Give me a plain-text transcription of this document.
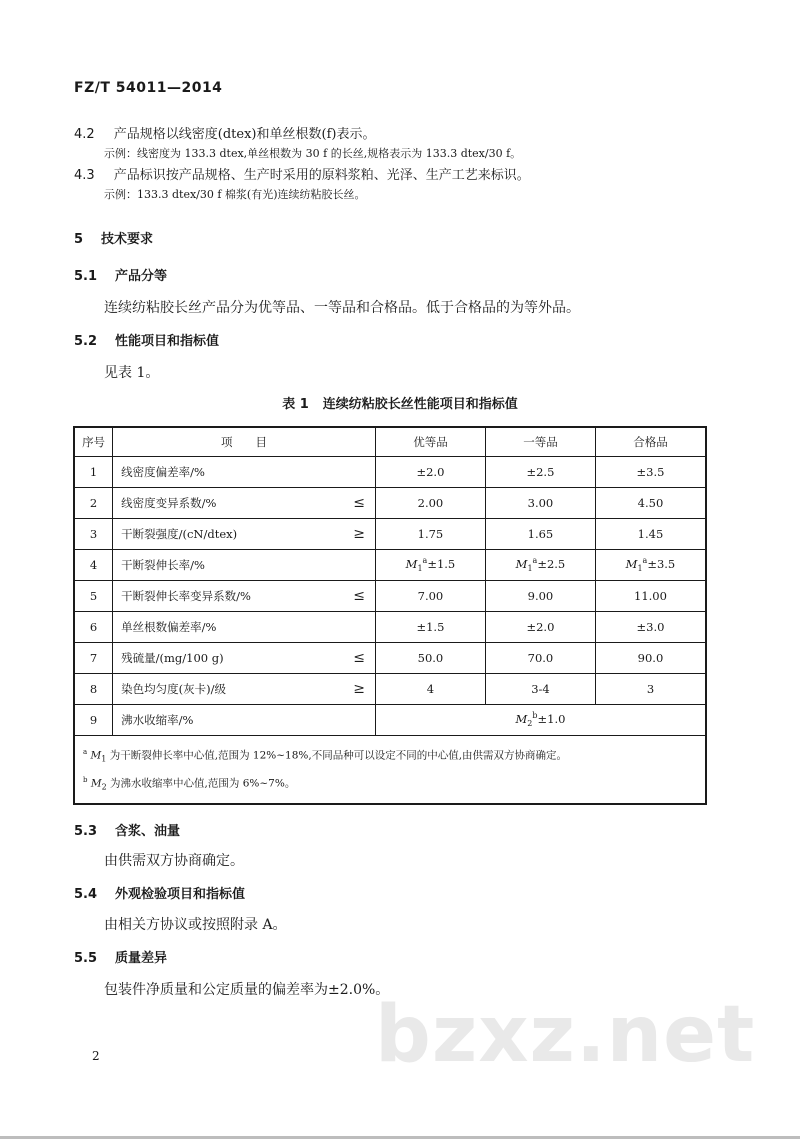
FZ/T 54011—2014
4.2 产品规格以线密度(dtex)和单丝根数(f)表示。
示例：线密度为 133.3 dtex,单丝根数为 30 f 的长丝,规格表示为 133.3 dtex/30 f。
4.3 产品标识按产品规格、生产时采用的原料浆粕、光泽、生产工艺来标识。
示例：133.3 dtex/30 f 棉浆(有光)连续纺粘胶长丝。
5 技术要求
5.1 产品分等
连续纺粘胶长丝产品分为优等品、一等品和合格品。低于合格品的为等外品。
5.2 性能项目和指标值
见表 1。
表 1 连续纺粘胶长丝性能项目和指标值
序号	项　　目	优等品	一等品	合格品
1	线密度偏差率/%	±2.0	±2.5	±3.5
2	线密度变异系数/% ≤	2.00	3.00	4.50
3	干断裂强度/(cN/dtex) ≥	1.75	1.65	1.45
4	干断裂伸长率/%	$M_1^a\pm 1.5$	$M_1^a\pm 2.5$	$M_1^a\pm 3.5$
5	干断裂伸长率变异系数/% ≤	7.00	9.00	11.00
6	单丝根数偏差率/%	±1.5	±2.0	±3.0
7	残硫量/(mg/100 g) ≤	50.0	70.0	90.0
8	染色均匀度(灰卡)/级 ≥	4	3-4	3
9	沸水收缩率/%	$M_2^b\pm 1.0$		

$^a$ $M_1$ 为干断裂伸长率中心值,范围为 12%~18%,不同品种可以设定不同的中心值,由供需双方协商确定。
$^b$ $M_2$ 为沸水收缩率中心值,范围为 6%~7%。				
5.3 含浆、油量
由供需双方协商确定。
5.4 外观检验项目和指标值
由相关方协议或按照附录 A。
5.5 质量差异
包装件净质量和公定质量的偏差率为±2.0%。
bzxz.net
2
